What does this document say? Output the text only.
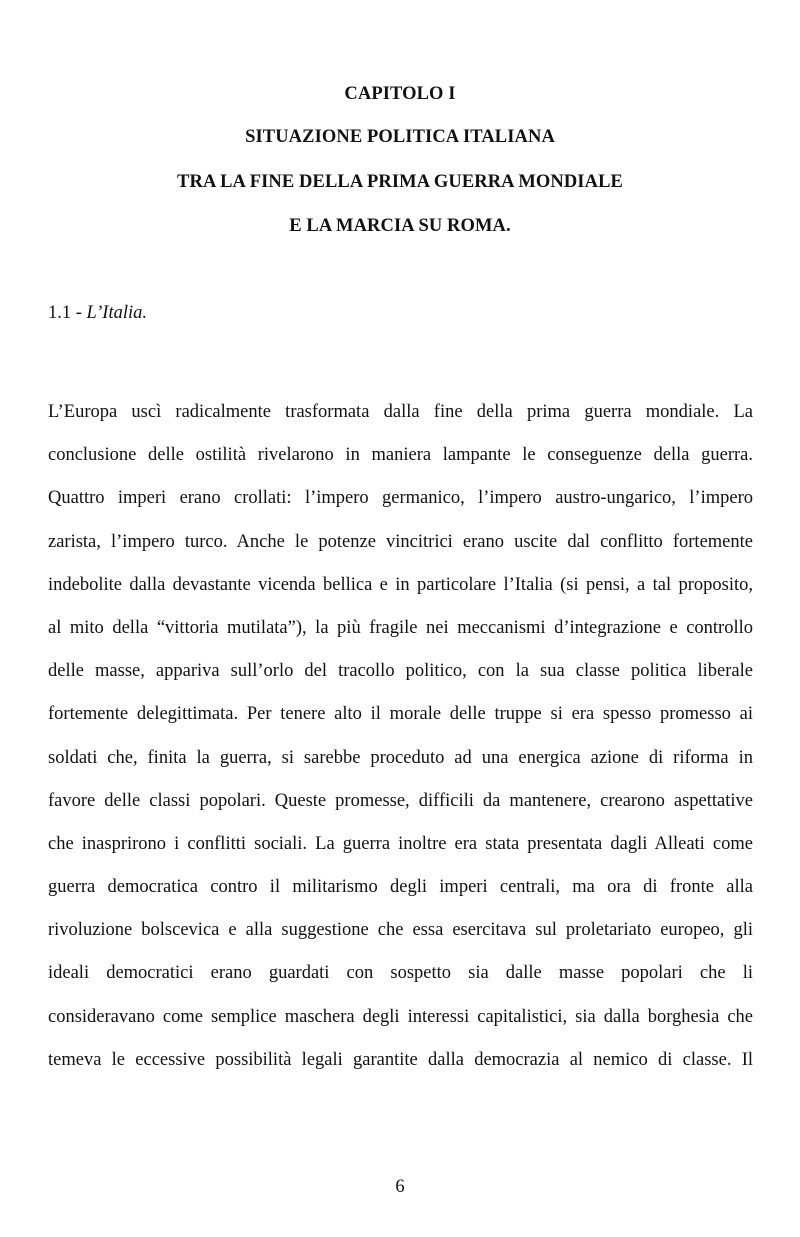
CAPITOLO I
SITUAZIONE POLITICA ITALIANA
TRA LA FINE DELLA PRIMA GUERRA MONDIALE
E LA MARCIA SU ROMA.
1.1 - L’Italia.
L’Europa uscì radicalmente trasformata dalla fine della prima guerra mondiale. La
conclusione delle ostilità rivelarono in maniera lampante le conseguenze della guerra.
Quattro imperi erano crollati: l’impero germanico, l’impero austro-ungarico, l’impero
zarista, l’impero turco. Anche le potenze vincitrici erano uscite dal conflitto fortemente
indebolite dalla devastante vicenda bellica e in particolare l’Italia (si pensi, a tal proposito,
al mito della “vittoria mutilata”), la più fragile nei meccanismi d’integrazione e controllo
delle masse, appariva sull’orlo del tracollo politico, con la sua classe politica liberale
fortemente delegittimata. Per tenere alto il morale delle truppe si era spesso promesso ai
soldati che, finita la guerra, si sarebbe proceduto ad una energica azione di riforma in
favore delle classi popolari. Queste promesse, difficili da mantenere, crearono aspettative
che inasprirono i conflitti sociali. La guerra inoltre era stata presentata dagli Alleati come
guerra democratica contro il militarismo degli imperi centrali, ma ora di fronte alla
rivoluzione bolscevica e alla suggestione che essa esercitava sul proletariato europeo, gli
ideali democratici erano guardati con sospetto sia dalle masse popolari che li
consideravano come semplice maschera degli interessi capitalistici, sia dalla borghesia che
temeva le eccessive possibilità legali garantite dalla democrazia al nemico di classe. Il
6
